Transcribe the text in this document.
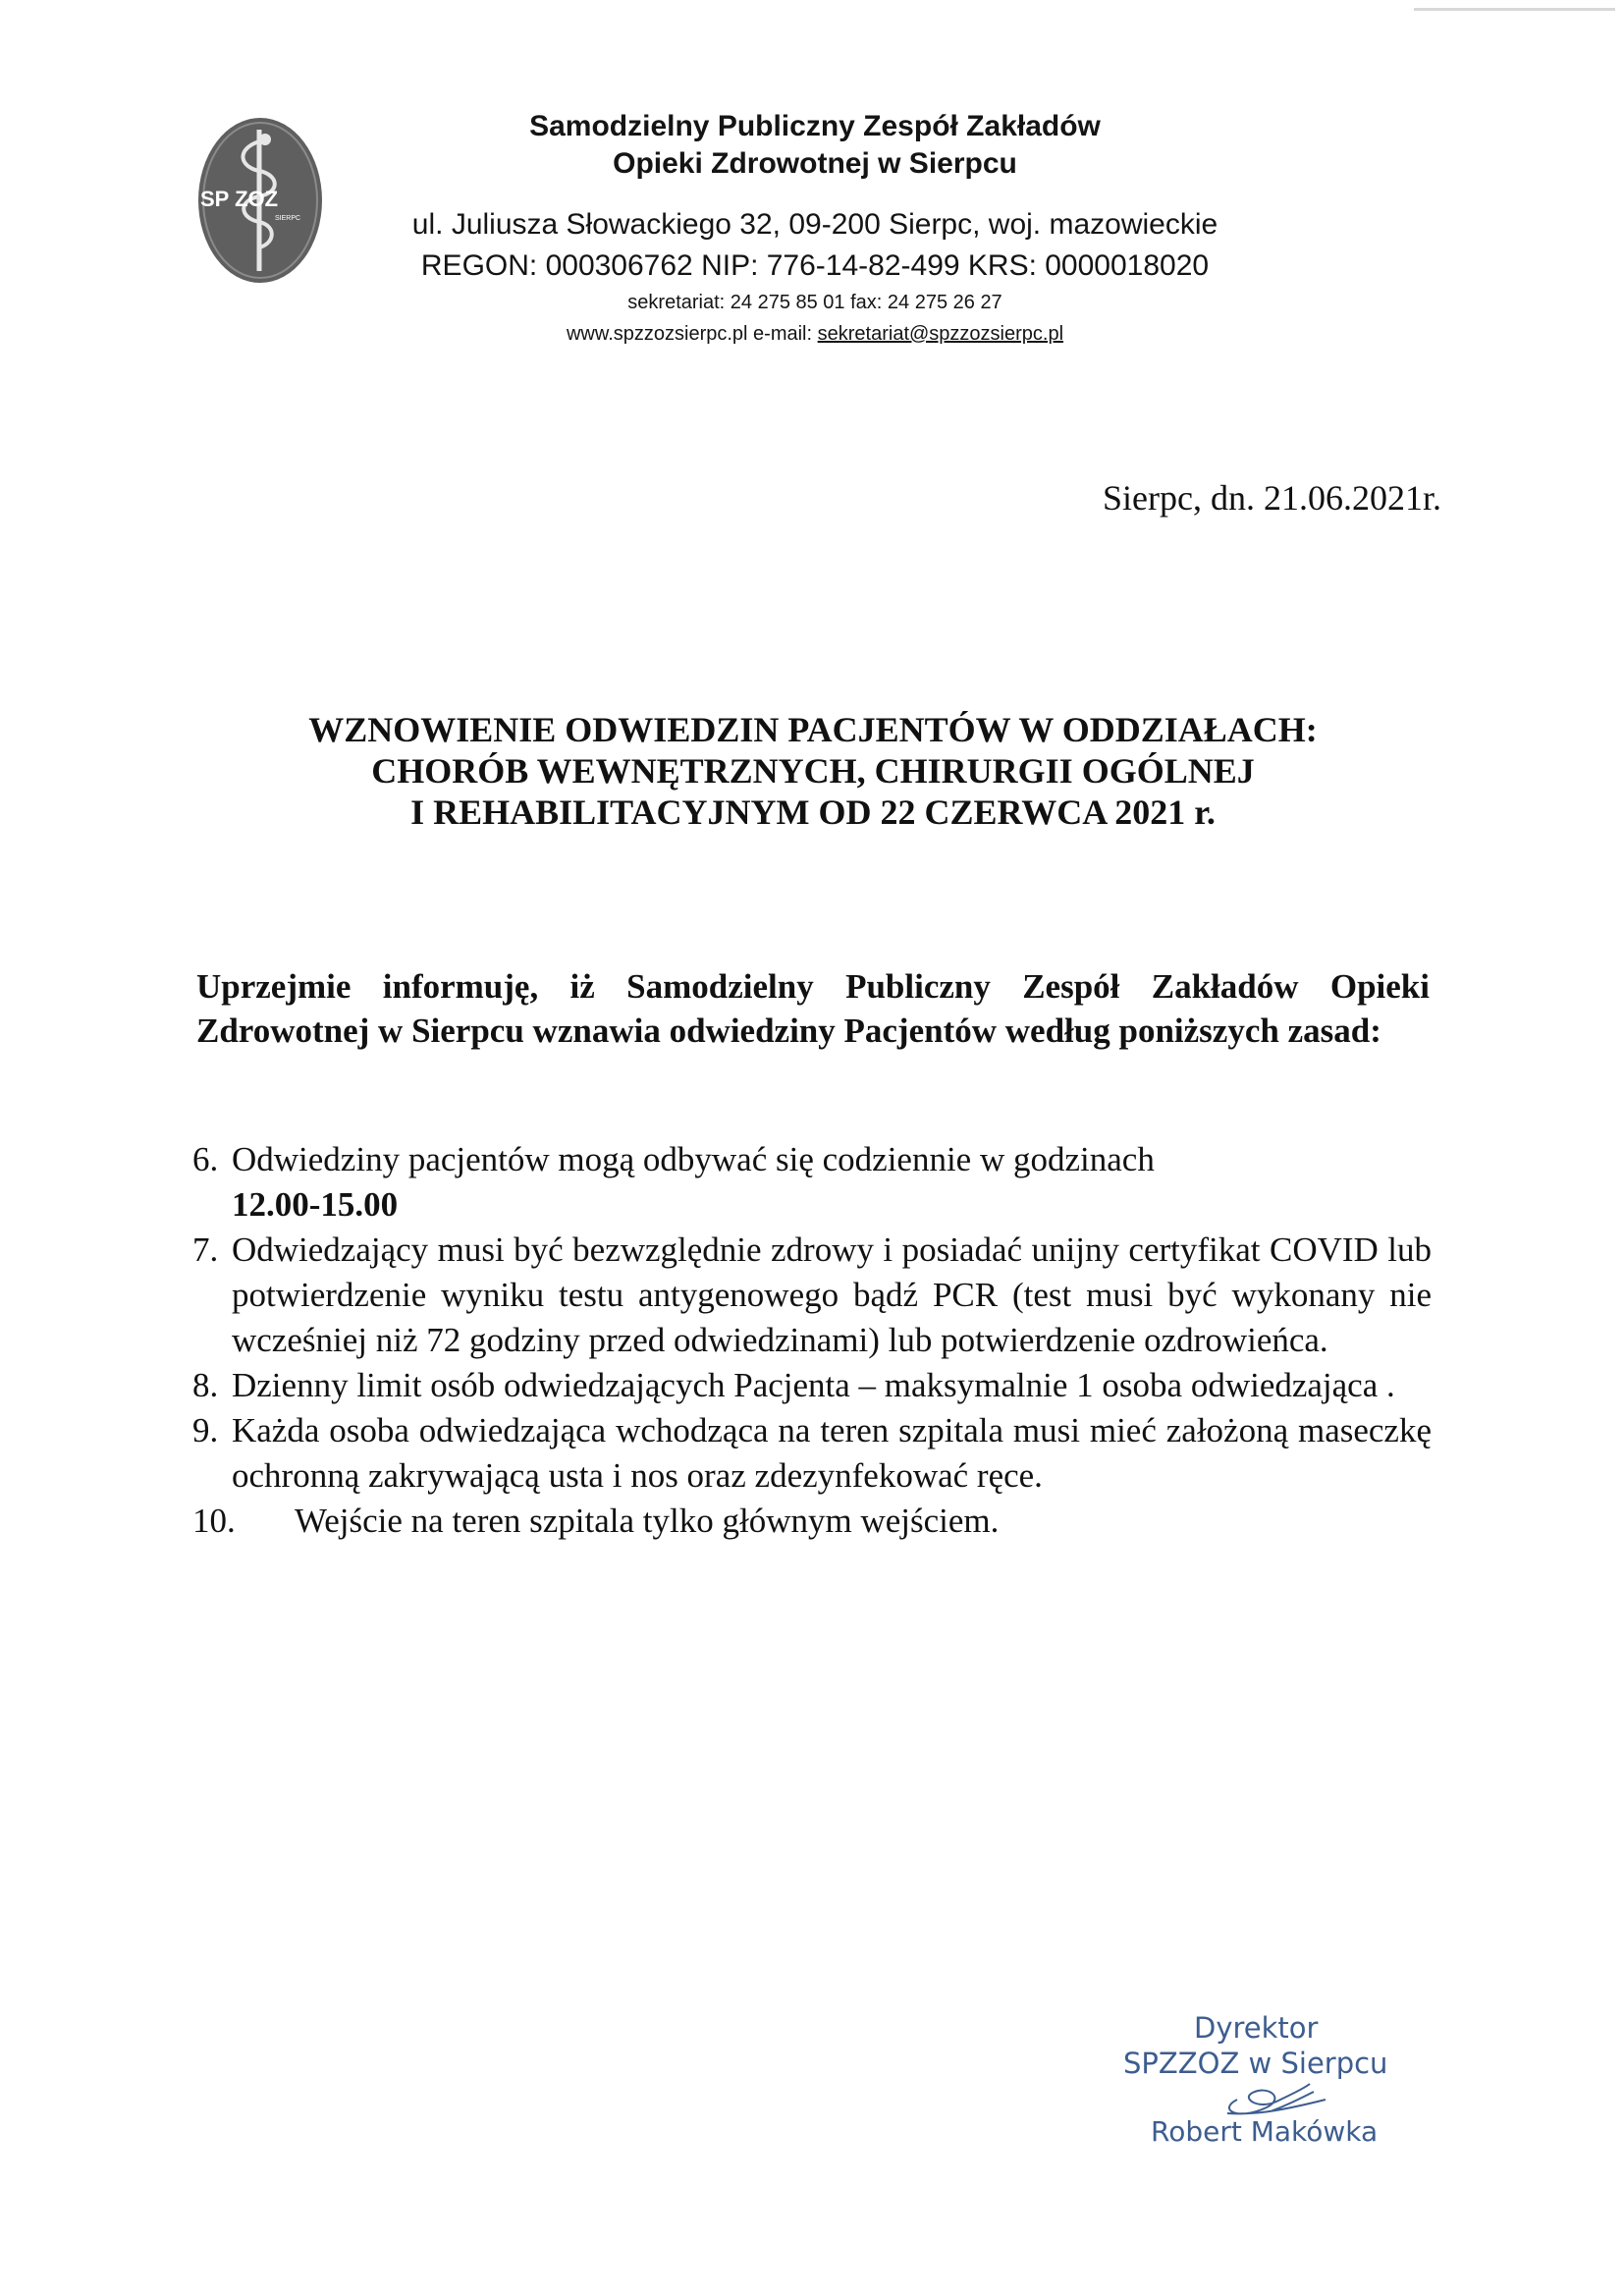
SP ZOZ
SIERPC
Samodzielny Publiczny Zespół Zakładów
Opieki Zdrowotnej w Sierpcu
ul. Juliusza Słowackiego 32, 09-200 Sierpc, woj. mazowieckie
REGON: 000306762 NIP: 776-14-82-499 KRS: 0000018020
sekretariat: 24 275 85 01 fax: 24 275 26 27
www.spzzozsierpc.pl e-mail: sekretariat@spzzozsierpc.pl
Sierpc, dn. 21.06.2021r.
WZNOWIENIE ODWIEDZIN PACJENTÓW W ODDZIAŁACH:
CHORÓB WEWNĘTRZNYCH, CHIRURGII OGÓLNEJ
I REHABILITACYJNYM OD 22 CZERWCA 2021 r.
Uprzejmie informuję, iż Samodzielny Publiczny Zespół Zakładów Opieki Zdrowotnej w Sierpcu wznawia odwiedziny Pacjentów według poniższych zasad:
6. Odwiedziny pacjentów mogą odbywać się codziennie w godzinach
12.00-15.00
7. Odwiedzający musi być bezwzględnie zdrowy i posiadać unijny certyfikat COVID lub potwierdzenie wyniku testu antygenowego bądź PCR (test musi być wykonany nie wcześniej niż 72 godziny przed odwiedzinami) lub potwierdzenie ozdrowieńca.
8. Dzienny limit osób odwiedzających Pacjenta – maksymalnie 1 osoba odwiedzająca .
9. Każda osoba odwiedzająca wchodząca na teren szpitala musi mieć założoną maseczkę ochronną zakrywającą usta i nos oraz zdezynfekować ręce.
10.	Wejście na teren szpitala tylko głównym wejściem.
Dyrektor
SPZZOZ w Sierpcu
Robert Makówka
